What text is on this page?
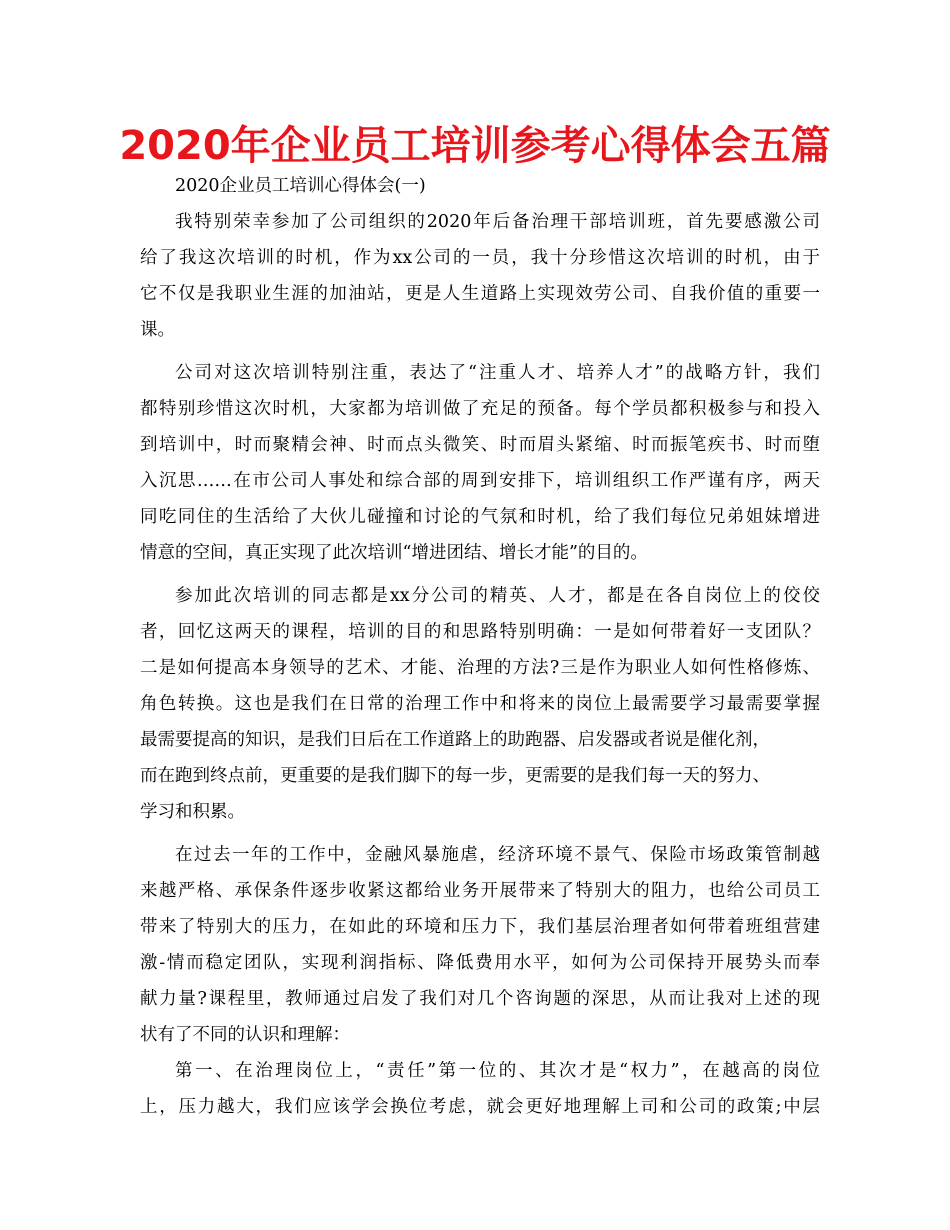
2020年企业员工培训参考心得体会五篇
2020企业员工培训心得体会(一)
我特别荣幸参加了公司组织的2020年后备治理干部培训班，首先要感激公司
给了我这次培训的时机，作为xx公司的一员，我十分珍惜这次培训的时机，由于
它不仅是我职业生涯的加油站，更是人生道路上实现效劳公司、自我价值的重要一
课。
公司对这次培训特别注重，表达了“注重人才、培养人才”的战略方针，我们
都特别珍惜这次时机，大家都为培训做了充足的预备。每个学员都积极参与和投入
到培训中，时而聚精会神、时而点头微笑、时而眉头紧缩、时而振笔疾书、时而堕
入沉思……在市公司人事处和综合部的周到安排下，培训组织工作严谨有序，两天
同吃同住的生活给了大伙儿碰撞和讨论的气氛和时机，给了我们每位兄弟姐妹增进
情意的空间，真正实现了此次培训“增进团结、增长才能”的目的。
参加此次培训的同志都是xx分公司的精英、人才，都是在各自岗位上的佼佼
者，回忆这两天的课程，培训的目的和思路特别明确：一是如何带着好一支团队？
二是如何提高本身领导的艺术、才能、治理的方法?三是作为职业人如何性格修炼、
角色转换。这也是我们在日常的治理工作中和将来的岗位上最需要学习最需要掌握
最需要提高的知识，是我们日后在工作道路上的助跑器、启发器或者说是催化剂，
而在跑到终点前，更重要的是我们脚下的每一步，更需要的是我们每一天的努力、
学习和积累。
在过去一年的工作中，金融风暴施虐，经济环境不景气、保险市场政策管制越
来越严格、承保条件逐步收紧这都给业务开展带来了特别大的阻力，也给公司员工
带来了特别大的压力，在如此的环境和压力下，我们基层治理者如何带着班组营建
激-情而稳定团队，实现利润指标、降低费用水平，如何为公司保持开展势头而奉
献力量?课程里，教师通过启发了我们对几个咨询题的深思，从而让我对上述的现
状有了不同的认识和理解：
第一、在治理岗位上，“责任”第一位的、其次才是“权力”，在越高的岗位
上，压力越大，我们应该学会换位考虑，就会更好地理解上司和公司的政策;中层
